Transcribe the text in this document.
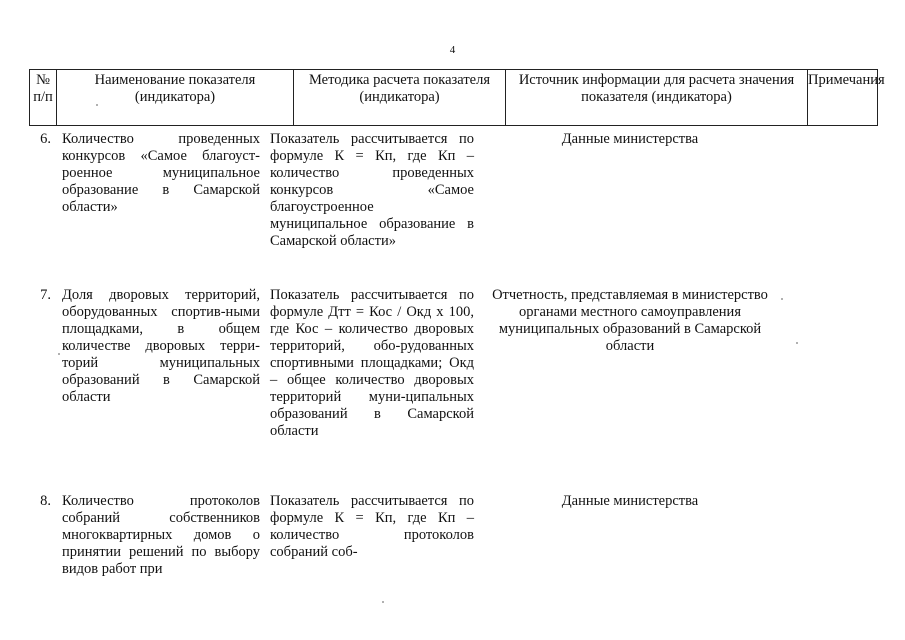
4
№ п/п
Наименование показателя (индикатора)
Методика расчета показателя (индикатора)
Источник информации для расчета значения показателя (индикатора)
Примечания
6. Количество проведенных конкурсов «Самое благоуст-роенное муниципальное образование в Самарской области»
Показатель рассчитывается по формуле К = Кп, где Кп – количество проведенных конкурсов «Самое благоустроенное муниципальное образование в Самарской области»
Данные министерства
7. Доля дворовых территорий, оборудованных спортив-ными площадками, в общем количестве дворовых терри-торий муниципальных образований в Самарской области
Показатель рассчитывается по формуле Дтт = Кос / Окд х 100, где Кос – количество дворовых территорий, обо-рудованных спортивными площадками; Окд – общее количество дворовых территорий муни-ципальных образований в Самарской области
Отчетность, представляемая в министерство органами местного самоуправления муниципальных образований в Самарской области
8. Количество протоколов собраний собственников многоквартирных домов о принятии решений по выбору видов работ при
Показатель рассчитывается по формуле К = Кп, где Кп – количество протоколов собраний соб-
Данные министерства
